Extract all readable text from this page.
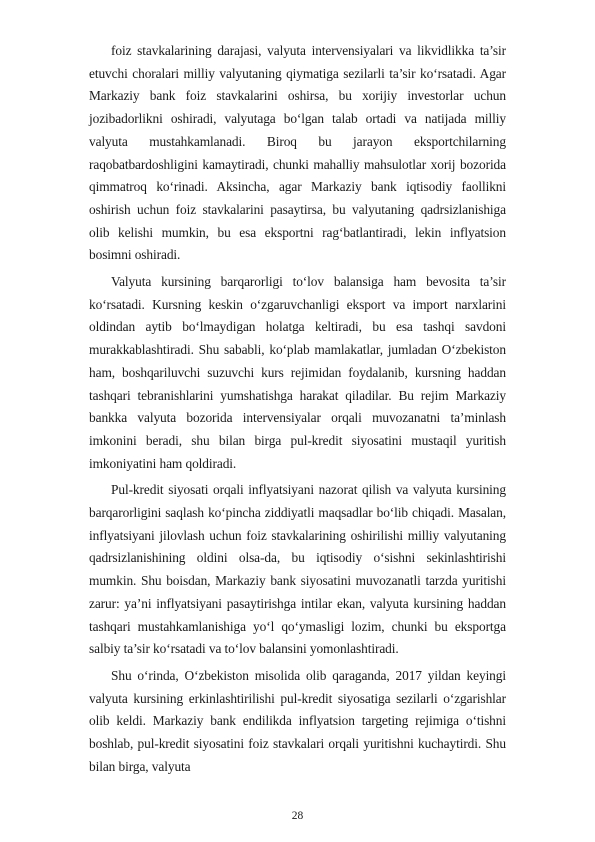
foiz stavkalarining darajasi, valyuta intervensiyalari va likvidlikka ta’sir etuvchi choralari milliy valyutaning qiymatiga sezilarli ta’sir ko‘rsatadi. Agar Markaziy bank foiz stavkalarini oshirsa, bu xorijiy investorlar uchun jozibadorlikni oshiradi, valyutaga bo‘lgan talab ortadi va natijada milliy valyuta mustahkamlanadi. Biroq bu jarayon eksportchilarning raqobatbardoshligini kamaytiradi, chunki mahalliy mahsulotlar xorij bozorida qimmatroq ko‘rinadi. Aksincha, agar Markaziy bank iqtisodiy faollikni oshirish uchun foiz stavkalarini pasaytirsa, bu valyutaning qadrsizlanishiga olib kelishi mumkin, bu esa eksportni rag‘batlantiradi, lekin inflyatsion bosimni oshiradi.

Valyuta kursining barqarorligi to‘lov balansiga ham bevosita ta’sir ko‘rsatadi. Kursning keskin o‘zgaruvchanligi eksport va import narxlarini oldindan aytib bo‘lmaydigan holatga keltiradi, bu esa tashqi savdoni murakkablashtiradi. Shu sababli, ko‘plab mamlakatlar, jumladan O‘zbekiston ham, boshqariluvchi suzuvchi kurs rejimidan foydalanib, kursning haddan tashqari tebranishlarini yumshatishga harakat qiladilar. Bu rejim Markaziy bankka valyuta bozorida intervensiyalar orqali muvozanatni ta’minlash imkonini beradi, shu bilan birga pul-kredit siyosatini mustaqil yuritish imkoniyatini ham qoldiradi.

Pul-kredit siyosati orqali inflyatsiyani nazorat qilish va valyuta kursining barqarorligini saqlash ko‘pincha ziddiyatli maqsadlar bo‘lib chiqadi. Masalan, inflyatsiyani jilovlash uchun foiz stavkalarining oshirilishi milliy valyutaning qadrsizlanishining oldini olsa-da, bu iqtisodiy o‘sishni sekinlashtirishi mumkin. Shu boisdan, Markaziy bank siyosatini muvozanatli tarzda yuritishi zarur: ya’ni inflyatsiyani pasaytirishga intilar ekan, valyuta kursining haddan tashqari mustahkamlanishiga yo‘l qo‘ymasligi lozim, chunki bu eksportga salbiy ta’sir ko‘rsatadi va to‘lov balansini yomonlashtiradi.

Shu o‘rinda, O‘zbekiston misolida olib qaraganda, 2017 yildan keyingi valyuta kursining erkinlashtirilishi pul-kredit siyosatiga sezilarli o‘zgarishlar olib keldi. Markaziy bank endilikda inflyatsion targeting rejimiga o‘tishni boshlab, pul-kredit siyosatini foiz stavkalari orqali yuritishni kuchaytirdi. Shu bilan birga, valyuta

28
